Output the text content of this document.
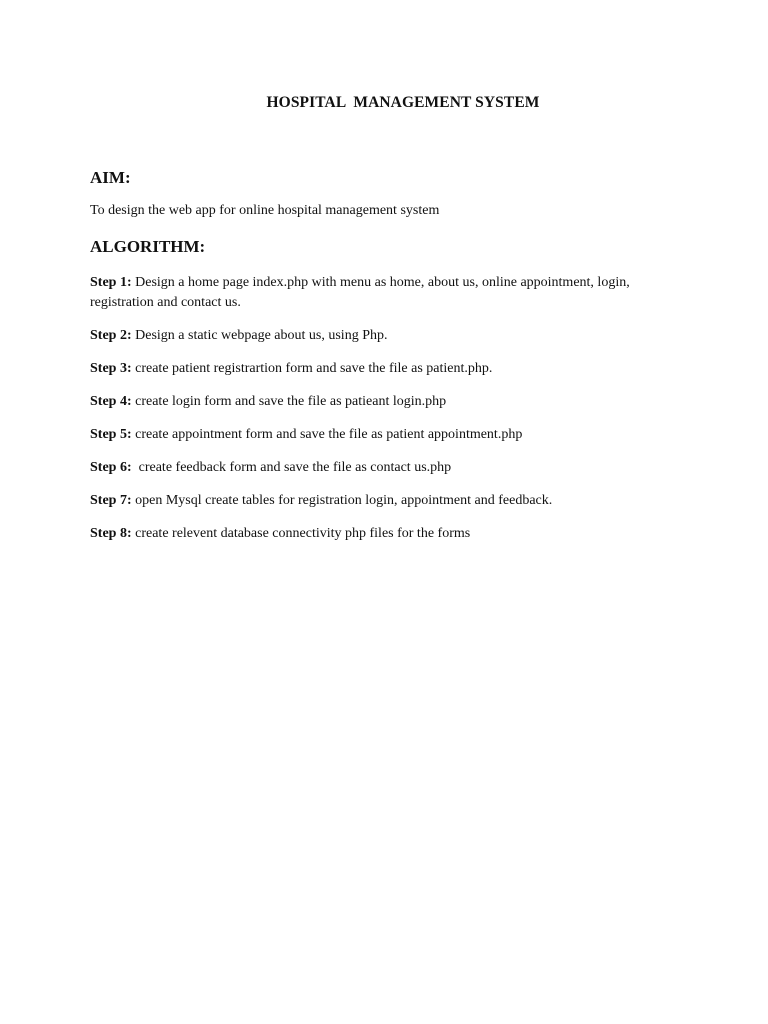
HOSPITAL  MANAGEMENT SYSTEM
AIM:

To design the web app for online hospital management system

ALGORITHM:
Step 1: Design a home page index.php with menu as home, about us, online appointment, login, registration and contact us.
Step 2: Design a static webpage about us, using Php.
Step 3: create patient registrartion form and save the file as patient.php.
Step 4: create login form and save the file as patieant login.php
Step 5: create appointment form and save the file as patient appointment.php
Step 6:  create feedback form and save the file as contact us.php
Step 7: open Mysql create tables for registration login, appointment and feedback.
Step 8: create relevent database connectivity php files for the forms
